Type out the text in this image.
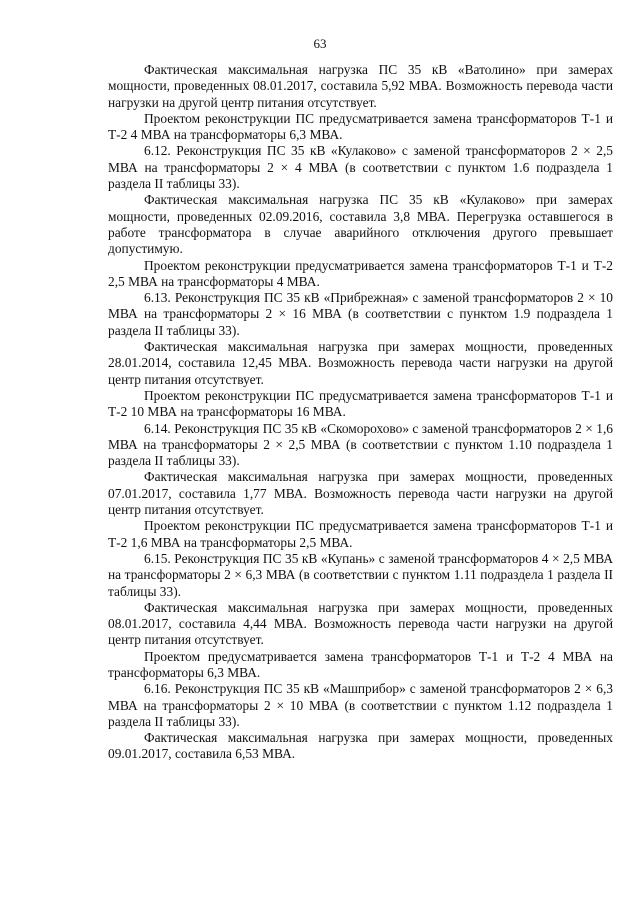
63

Фактическая максимальная нагрузка ПС 35 кВ «Ватолино» при замерах мощности, проведенных 08.01.2017, составила 5,92 МВА. Возможность перевода части нагрузки на другой центр питания отсутствует.

Проектом реконструкции ПС предусматривается замена трансформаторов Т-1 и Т-2 4 МВА на трансформаторы 6,3 МВА.

6.12. Реконструкция ПС 35 кВ «Кулаково» с заменой трансформаторов 2 × 2,5 МВА на трансформаторы 2 × 4 МВА (в соответствии с пунктом 1.6 подраздела 1 раздела II таблицы 33).

Фактическая максимальная нагрузка ПС 35 кВ «Кулаково» при замерах мощности, проведенных 02.09.2016, составила 3,8 МВА. Перегрузка оставшегося в работе трансформатора в случае аварийного отключения другого превышает допустимую.

Проектом реконструкции предусматривается замена трансформаторов Т-1 и Т-2 2,5 МВА на трансформаторы 4 МВА.

6.13. Реконструкция ПС 35 кВ «Прибрежная» с заменой трансформаторов 2 × 10 МВА на трансформаторы 2 × 16 МВА (в соответствии с пунктом 1.9 подраздела 1 раздела II таблицы 33).

Фактическая максимальная нагрузка при замерах мощности, проведенных 28.01.2014, составила 12,45 МВА. Возможность перевода части нагрузки на другой центр питания отсутствует.

Проектом реконструкции ПС предусматривается замена трансформаторов Т-1 и Т-2 10 МВА на трансформаторы 16 МВА.

6.14. Реконструкция ПС 35 кВ «Скоморохово» с заменой трансформаторов 2 × 1,6 МВА на трансформаторы 2 × 2,5 МВА (в соответствии с пунктом 1.10 подраздела 1 раздела II таблицы 33).

Фактическая максимальная нагрузка при замерах мощности, проведенных 07.01.2017, составила 1,77 МВА. Возможность перевода части нагрузки на другой центр питания отсутствует.

Проектом реконструкции ПС предусматривается замена трансформаторов Т-1 и Т-2 1,6 МВА на трансформаторы 2,5 МВА.

6.15. Реконструкция ПС 35 кВ «Купань» с заменой трансформаторов 4 × 2,5 МВА на трансформаторы 2 × 6,3 МВА (в соответствии с пунктом 1.11 подраздела 1 раздела II таблицы 33).

Фактическая максимальная нагрузка при замерах мощности, проведенных 08.01.2017, составила 4,44 МВА. Возможность перевода части нагрузки на другой центр питания отсутствует.

Проектом предусматривается замена трансформаторов Т-1 и Т-2 4 МВА на трансформаторы 6,3 МВА.

6.16. Реконструкция ПС 35 кВ «Машприбор» с заменой трансформаторов 2 × 6,3 МВА на трансформаторы 2 × 10 МВА (в соответствии с пунктом 1.12 подраздела 1 раздела II таблицы 33).

Фактическая максимальная нагрузка при замерах мощности, проведенных 09.01.2017, составила 6,53 МВА.
